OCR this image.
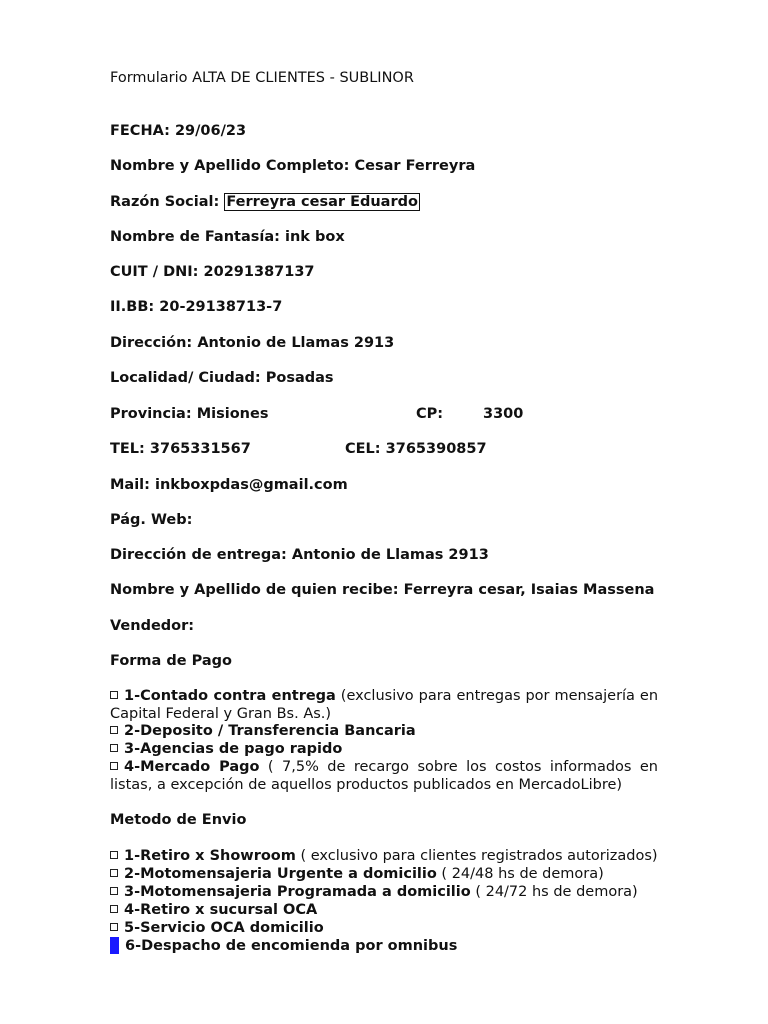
Formulario ALTA DE CLIENTES - SUBLINOR
FECHA: 29/06/23
Nombre y Apellido Completo: Cesar Ferreyra
Razón Social: Ferreyra cesar Eduardo
Nombre de Fantasía: ink box
CUIT / DNI: 20291387137
II.BB: 20-29138713-7
Dirección: Antonio de Llamas 2913
Localidad/ Ciudad: Posadas
Provincia: Misiones	CP:	3300
TEL: 3765331567	CEL: 3765390857
Mail: inkboxpdas@gmail.com
Pág. Web:
Dirección de entrega: Antonio de Llamas 2913
Nombre y Apellido de quien recibe: Ferreyra cesar, Isaias Massena
Vendedor:
Forma de Pago
1-Contado contra entrega (exclusivo para entregas por mensajería en Capital Federal y Gran Bs. As.)
2-Deposito / Transferencia Bancaria
3-Agencias de pago rapido
4-Mercado Pago ( 7,5% de recargo sobre los costos informados en listas, a excepción de aquellos productos publicados en MercadoLibre)
Metodo de Envio
1-Retiro x Showroom ( exclusivo para clientes registrados autorizados)
2-Motomensajeria Urgente a domicilio ( 24/48 hs de demora)
3-Motomensajeria Programada a domicilio ( 24/72 hs de demora)
4-Retiro x sucursal OCA
5-Servicio OCA domicilio
6-Despacho de encomienda por omnibus
